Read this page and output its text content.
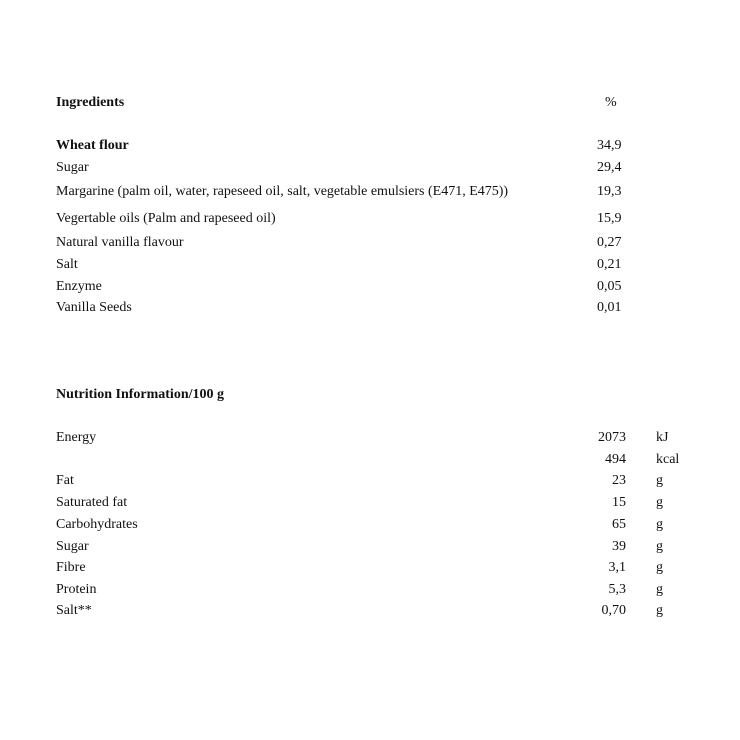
Ingredients	%
Wheat flour	34,9
Sugar	29,4
Margarine (palm oil, water, rapeseed oil, salt, vegetable emulsiers (E471, E475))	19,3
Vegertable oils (Palm and rapeseed oil)	15,9
Natural vanilla flavour	0,27
Salt	0,21
Enzyme	0,05
Vanilla Seeds	0,01
Nutrition Information/100 g
Energy	2073 kJ
494 kcal
Fat	23 g
Saturated fat	15 g
Carbohydrates	65 g
Sugar	39 g
Fibre	3,1 g
Protein	5,3 g
Salt**	0,70 g
